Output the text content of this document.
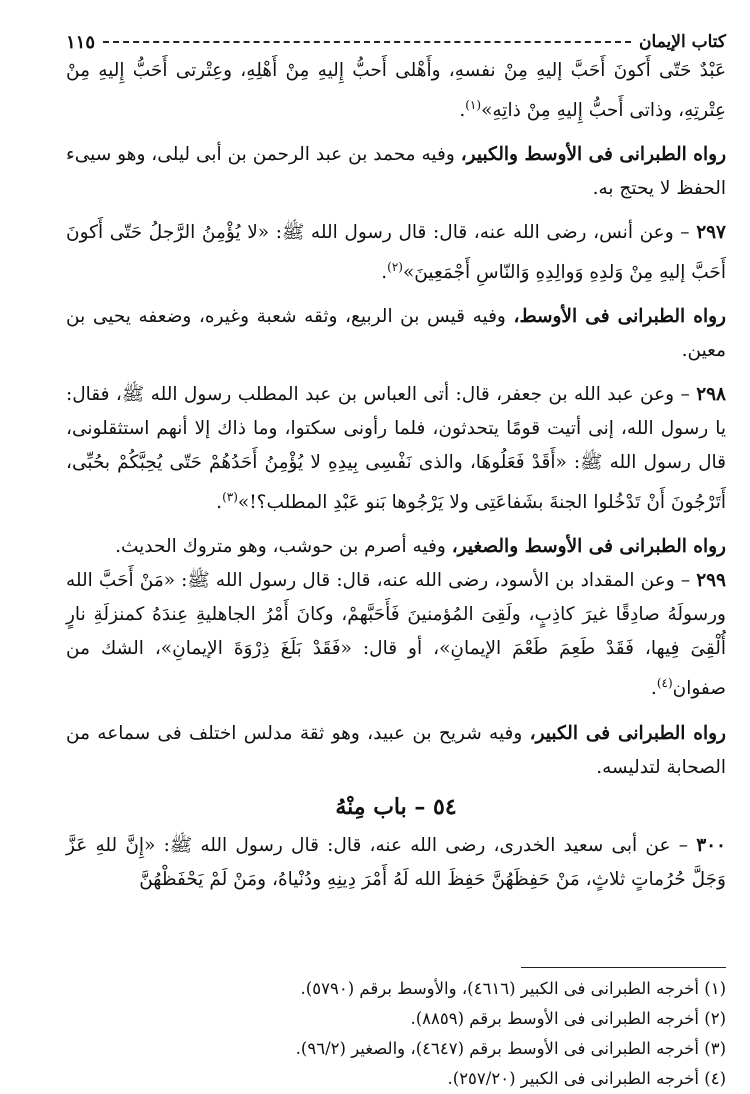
كتاب الإيمان
١١٥

عَبْدٌ حَتّى أَكونَ أَحَبَّ إليهِ مِنْ نفسهِ، وأَهْلى أَحبُّ إِليهِ مِنْ أَهْلِهِ، وعِتْرتى أَحَبُّ إِليهِ مِنْ عِتْرتِهِ، وذاتى أَحبُّ إِليهِ مِنْ ذاتِهِ»$^{(١)}$.

رواه الطبرانى فى الأوسط والكبير، وفيه محمد بن عبد الرحمن بن أبى ليلى، وهو سيىء الحفظ لا يحتج به.

٢٩٧ – وعن أنس، رضى الله عنه، قال: قال رسول الله ﷺ: «لا يُؤْمِنُ الرَّجلُ حَتّى أَكونَ أَحَبَّ إليهِ مِنْ وَلدِهِ وَوالِدِهِ وَالنّاسِ أَجْمَعِينَ»$^{(٢)}$.

رواه الطبرانى فى الأوسط، وفيه قيس بن الربيع، وثقه شعبة وغيره، وضعفه يحيى بن معين.

٢٩٨ – وعن عبد الله بن جعفر، قال: أتى العباس بن عبد المطلب رسول الله ﷺ، فقال: يا رسول الله، إنى أتيت قومًا يتحدثون، فلما رأونى سكتوا، وما ذاك إلا أنهم استثقلونى، قال رسول الله ﷺ: «أَقَدْ فَعَلُوهَا، والذى نَفْسِى بِيدِهِ لا يُؤْمِنُ أَحَدُهُمْ حَتّى يُحِبَّكُمْ بحُبِّى، أَتَرْجُونَ أَنْ تَدْخُلوا الجنةَ بشَفاعَتِى ولا يَرْجُوها بَنو عَبْدِ المطلب؟!»$^{(٣)}$.

رواه الطبرانى فى الأوسط والصغير، وفيه أصرم بن حوشب، وهو متروك الحديث.

٢٩٩ – وعن المقداد بن الأسود، رضى الله عنه، قال: قال رسول الله ﷺ: «مَنْ أَحَبَّ الله ورسولَهُ صادِقًا غيرَ كاذِبٍ، ولَقِىَ المُؤمنينَ فَأَحَبَّهمْ، وكانَ أَمْرُ الجاهليةِ عِندَهُ كمنزلَةِ نارٍ أُلْقِىَ فِيها، فَقَدْ طَعِمَ طَعْمَ الإيمانِ»، أو قال: «فَقَدْ بَلَغَ ذِرْوَةَ الإيمانِ»، الشك من صفوان$^{(٤)}$.

رواه الطبرانى فى الكبير، وفيه شريح بن عبيد، وهو ثقة مدلس اختلف فى سماعه من الصحابة لتدليسه.

٥٤ – باب مِنْهُ

٣٠٠ – عن أبى سعيد الخدرى، رضى الله عنه، قال: قال رسول الله ﷺ: «إِنَّ للهِ عَزَّ وَجَلَّ حُرُماتٍ ثلاثٍ، مَنْ حَفِظَهُنَّ حَفِظَ الله لَهُ أَمْرَ دِينِهِ ودُنْياهُ، ومَنْ لَمْ يَحْفَظْهُنَّ

(١) أخرجه الطبرانى فى الكبير (٤٦١٦)، والأوسط برقم (٥٧٩٠).
(٢) أخرجه الطبرانى فى الأوسط برقم (٨٨٥٩).
(٣) أخرجه الطبرانى فى الأوسط برقم (٤٦٤٧)، والصغير (٩٦/٢).
(٤) أخرجه الطبرانى فى الكبير (٢٥٧/٢٠).
